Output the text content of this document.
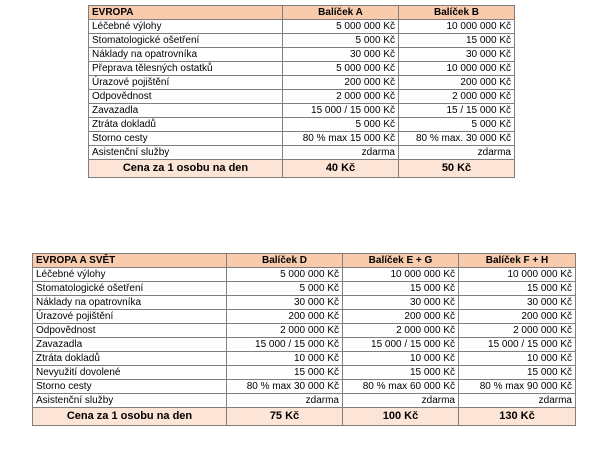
EVROPA	Balíček A	Balíček B
Léčebné výlohy	5 000 000 Kč	10 000 000 Kč
Stomatologické ošetření	5 000 Kč	15 000 Kč
Náklady na opatrovníka	30 000 Kč	30 000 Kč
Přeprava tělesných ostatků	5 000 000 Kč	10 000 000 Kč
Úrazové pojištění	200 000 Kč	200 000 Kč
Odpovědnost	2 000 000 Kč	2 000 000 Kč
Zavazadla	15 000 / 15 000 Kč	15 / 15 000 Kč
Ztráta dokladů	5 000 Kč	5 000 Kč
Storno cesty	80 % max 15 000 Kč	80 % max. 30 000 Kč
Asistenční služby	zdarma	zdarma
Cena za 1 osobu na den	40 Kč	50 Kč
EVROPA A SVĚT	Balíček D	Balíček E + G	Balíček F + H
Léčebné výlohy	5 000 000 Kč	10 000 000 Kč	10 000 000 Kč
Stomatologické ošetření	5 000 Kč	15 000 Kč	15 000 Kč
Náklady na opatrovníka	30 000 Kč	30 000 Kč	30 000 Kč
Úrazové pojištění	200 000 Kč	200 000 Kč	200 000 Kč
Odpovědnost	2 000 000 Kč	2 000 000 Kč	2 000 000 Kč
Zavazadla	15 000 / 15 000 Kč	15 000 / 15 000 Kč	15 000 / 15 000 Kč
Ztráta dokladů	10 000 Kč	10 000 Kč	10 000 Kč
Nevyužití dovolené	15 000 Kč	15 000 Kč	15 000 Kč
Storno cesty	80 % max 30 000 Kč	80 % max 60 000 Kč	80 % max 90 000 Kč
Asistenční služby	zdarma	zdarma	zdarma
Cena za 1 osobu na den	75 Kč	100 Kč	130 Kč
